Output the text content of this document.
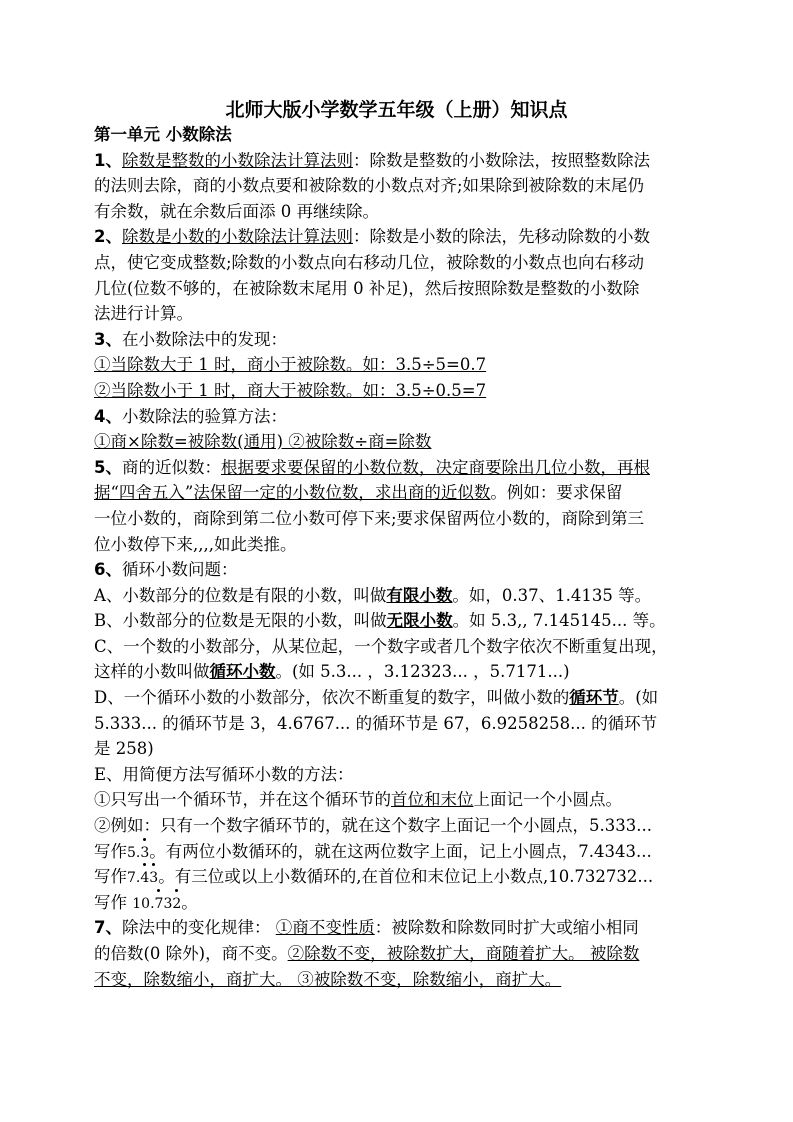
北师大版小学数学五年级（上册）知识点
第一单元 小数除法
1、除数是整数的小数除法计算法则：除数是整数的小数除法，按照整数除法
的法则去除，商的小数点要和被除数的小数点对齐;如果除到被除数的末尾仍
有余数，就在余数后面添 0 再继续除。
2、除数是小数的小数除法计算法则：除数是小数的除法，先移动除数的小数
点，使它变成整数;除数的小数点向右移动几位，被除数的小数点也向右移动
几位(位数不够的，在被除数末尾用 0 补足)，然后按照除数是整数的小数除
法进行计算。
3、在小数除法中的发现：
①当除数大于 1 时，商小于被除数。如：3.5÷5=0.7
②当除数小于 1 时，商大于被除数。如：3.5÷0.5=7
4、小数除法的验算方法：
①商×除数=被除数(通用) ②被除数÷商=除数
5、商的近似数：根据要求要保留的小数位数，决定商要除出几位小数，再根
据“四舍五入”法保留一定的小数位数，求出商的近似数。例如：要求保留
一位小数的，商除到第二位小数可停下来;要求保留两位小数的，商除到第三
位小数停下来,,,,如此类推。
6、循环小数问题：
A、小数部分的位数是有限的小数，叫做有限小数。如，0.37、1.4135 等。
B、小数部分的位数是无限的小数，叫做无限小数。如 5.3,, 7.145145... 等。
C、一个数的小数部分，从某位起，一个数字或者几个数字依次不断重复出现，
这样的小数叫做循环小数。(如 5.3... ，3.12323... ，5.7171...)
D、一个循环小数的小数部分，依次不断重复的数字，叫做小数的循环节。(如
5.333... 的循环节是 3，4.6767... 的循环节是 67，6.9258258... 的循环节
是 258)
E、用简便方法写循环小数的方法：
①只写出一个循环节，并在这个循环节的首位和末位上面记一个小圆点。
②例如：只有一个数字循环节的，就在这个数字上面记一个小圆点，5.333...
写作5.3
。有两位小数循环的，就在这两位数字上面，记上小圆点，7.4343...
写作7.4
3
。有三位或以上小数循环的,在首位和末位记上小数点,10.732732...
写作 10.7
32
。
7、除法中的变化规律： ①商不变性质：被除数和除数同时扩大或缩小相同
的倍数(0 除外)，商不变。②除数不变，被除数扩大，商随着扩大。 被除数
不变，除数缩小，商扩大。 ③被除数不变，除数缩小，商扩大。
